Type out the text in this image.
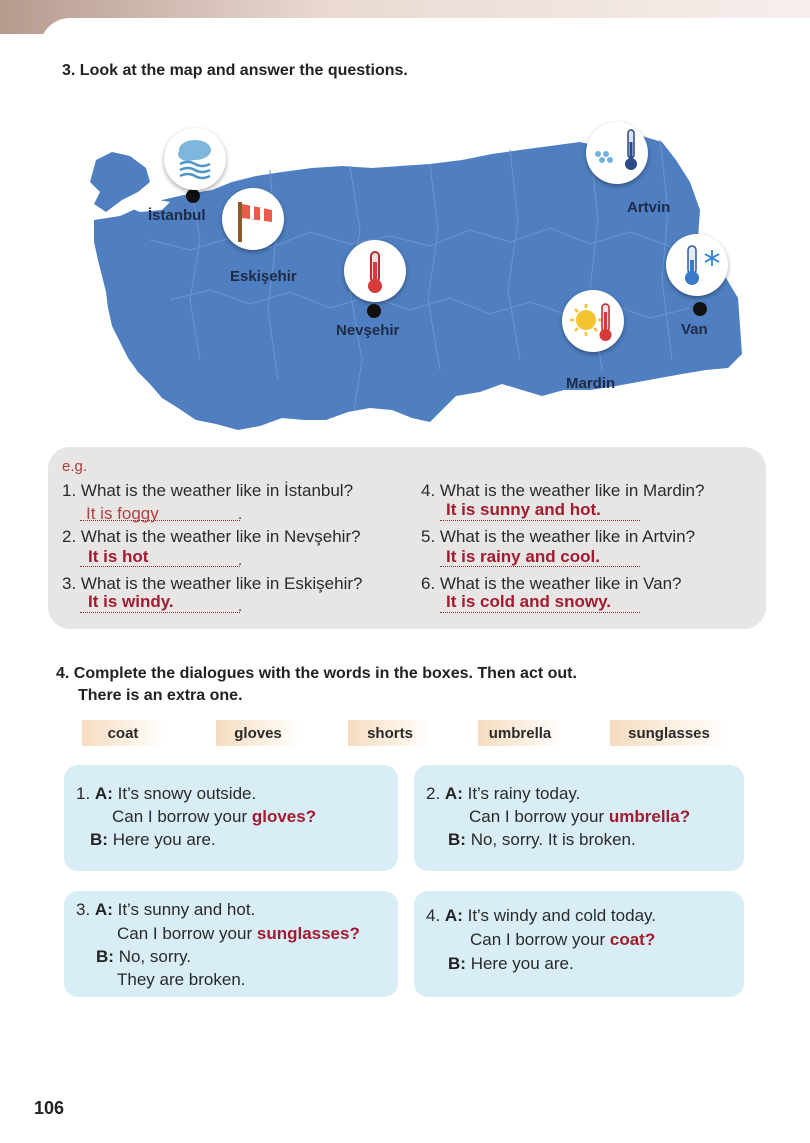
3. Look at the map and answer the questions.
İstanbul
Eskişehir
Nevşehir
Artvin
Van
Mardin
e.g.
1. What is the weather like in İstanbul?
It is foggy	.
2. What is the weather like in Nevşehir?
It is hot	.
3. What is the weather like in Eskişehir?
It is windy.	.
4. What is the weather like in Mardin?
It is sunny and hot.
5. What is the weather like in Artvin?
It is rainy and cool.
6. What is the weather like in Van?
It is cold and snowy.
4. Complete the dialogues with the words in the boxes. Then act out.
There is an extra one.
coat	gloves	shorts	umbrella	sunglasses
1. A: It’s snowy outside.
Can I borrow your gloves?
B: Here you are.
2. A: It’s rainy today.
Can I borrow your umbrella?
B: No, sorry. It is broken.
3. A: It’s sunny and hot.
Can I borrow your sunglasses?
B: No, sorry.
They are broken.
4. A: It’s windy and cold today.
Can I borrow your coat?
B: Here you are.
106
